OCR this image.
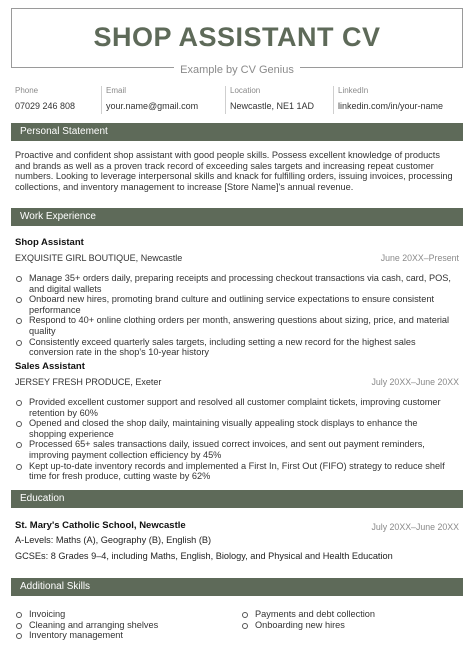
SHOP ASSISTANT CV
Example by CV Genius
Phone
07029 246 808
Email
your.name@gmail.com
Location
Newcastle, NE1 1AD
LinkedIn
linkedin.com/in/your-name
Personal Statement
Proactive and confident shop assistant with good people skills. Possess excellent knowledge of products and brands as well as a proven track record of exceeding sales targets and increasing repeat customer numbers. Looking to leverage interpersonal skills and knack for fulfilling orders, issuing invoices, processing collections, and inventory management to increase [Store Name]'s annual revenue.
Work Experience
Shop Assistant
EXQUISITE GIRL BOUTIQUE, Newcastle	June 20XX–Present
Manage 35+ orders daily, preparing receipts and processing checkout transactions via cash, card, POS, and digital wallets
Onboard new hires, promoting brand culture and outlining service expectations to ensure consistent performance
Respond to 40+ online clothing orders per month, answering questions about sizing, price, and material quality
Consistently exceed quarterly sales targets, including setting a new record for the highest sales conversion rate in the shop's 10-year history
Sales Assistant
JERSEY FRESH PRODUCE, Exeter	July 20XX–June 20XX
Provided excellent customer support and resolved all customer complaint tickets, improving customer retention by 60%
Opened and closed the shop daily, maintaining visually appealing stock displays to enhance the shopping experience
Processed 65+ sales transactions daily, issued correct invoices, and sent out payment reminders, improving payment collection efficiency by 45%
Kept up-to-date inventory records and implemented a First In, First Out (FIFO) strategy to reduce shelf time for fresh produce, cutting waste by 62%
Education
St. Mary's Catholic School, Newcastle	July 20XX–June 20XX
A-Levels: Maths (A), Geography (B), English (B)
GCSEs: 8 Grades 9–4, including Maths, English, Biology, and Physical and Health Education
Additional Skills
Invoicing
Cleaning and arranging shelves
Inventory management
Payments and debt collection
Onboarding new hires
